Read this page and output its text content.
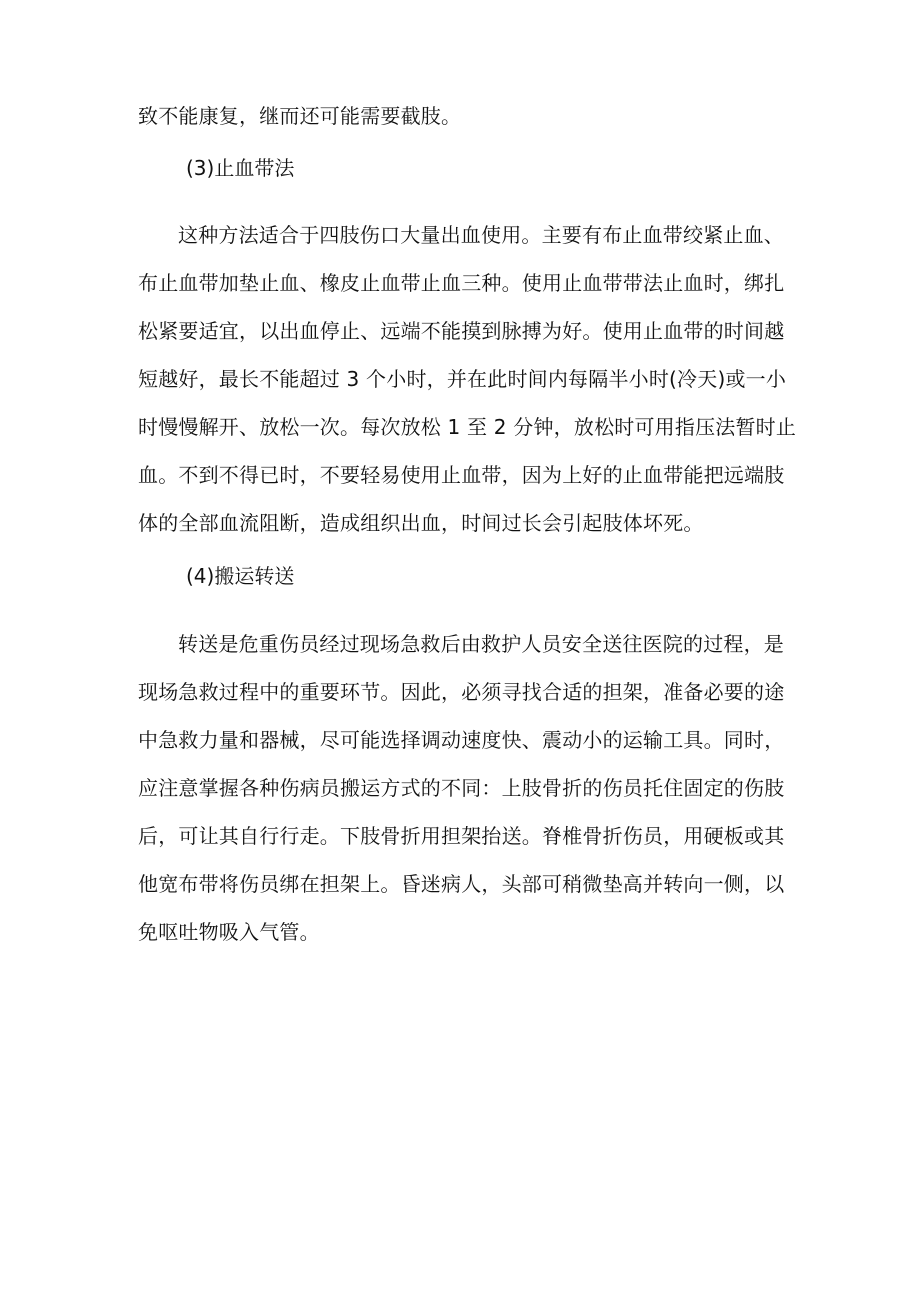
致不能康复，继而还可能需要截肢。
(3)止血带法
这种方法适合于四肢伤口大量出血使用。主要有布止血带绞紧止血、
布止血带加垫止血、橡皮止血带止血三种。使用止血带带法止血时，绑扎
松紧要适宜，以出血停止、远端不能摸到脉搏为好。使用止血带的时间越
短越好，最长不能超过 3 个小时，并在此时间内每隔半小时(冷天)或一小
时慢慢解开、放松一次。每次放松 1 至 2 分钟，放松时可用指压法暂时止
血。不到不得已时，不要轻易使用止血带，因为上好的止血带能把远端肢
体的全部血流阻断，造成组织出血，时间过长会引起肢体坏死。
(4)搬运转送
转送是危重伤员经过现场急救后由救护人员安全送往医院的过程，是
现场急救过程中的重要环节。因此，必须寻找合适的担架，准备必要的途
中急救力量和器械，尽可能选择调动速度快、震动小的运输工具。同时，
应注意掌握各种伤病员搬运方式的不同：上肢骨折的伤员托住固定的伤肢
后，可让其自行行走。下肢骨折用担架抬送。脊椎骨折伤员，用硬板或其
他宽布带将伤员绑在担架上。昏迷病人，头部可稍微垫高并转向一侧，以
免呕吐物吸入气管。
